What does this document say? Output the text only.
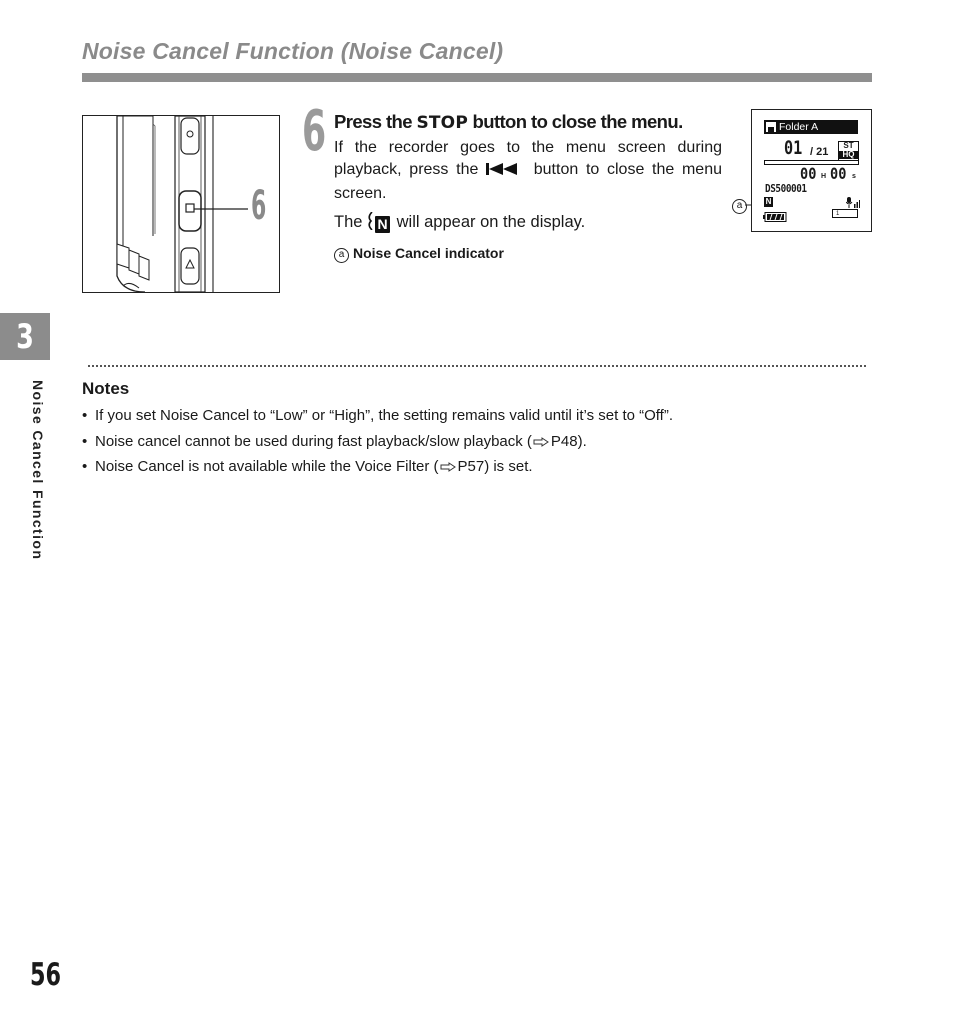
Noise Cancel Function (Noise Cancel)
6
6 Press the STOP button to close the menu.
If the recorder goes to the menu screen during playback, press the	button to close the menu screen.
The N will appear on the display.
a Noise Cancel indicator
a
Folder A
01 / 21
ST
HQ
00 H 00 s
DS500001
N
1
3
Noise Cancel Function Notes
• If you set Noise Cancel to “Low” or “High”, the setting remains valid until it’s set to “Off”.
• Noise cancel cannot be used during fast playback/slow playback ( P48).
• Noise Cancel is not available while the Voice Filter ( P57) is set.
56
